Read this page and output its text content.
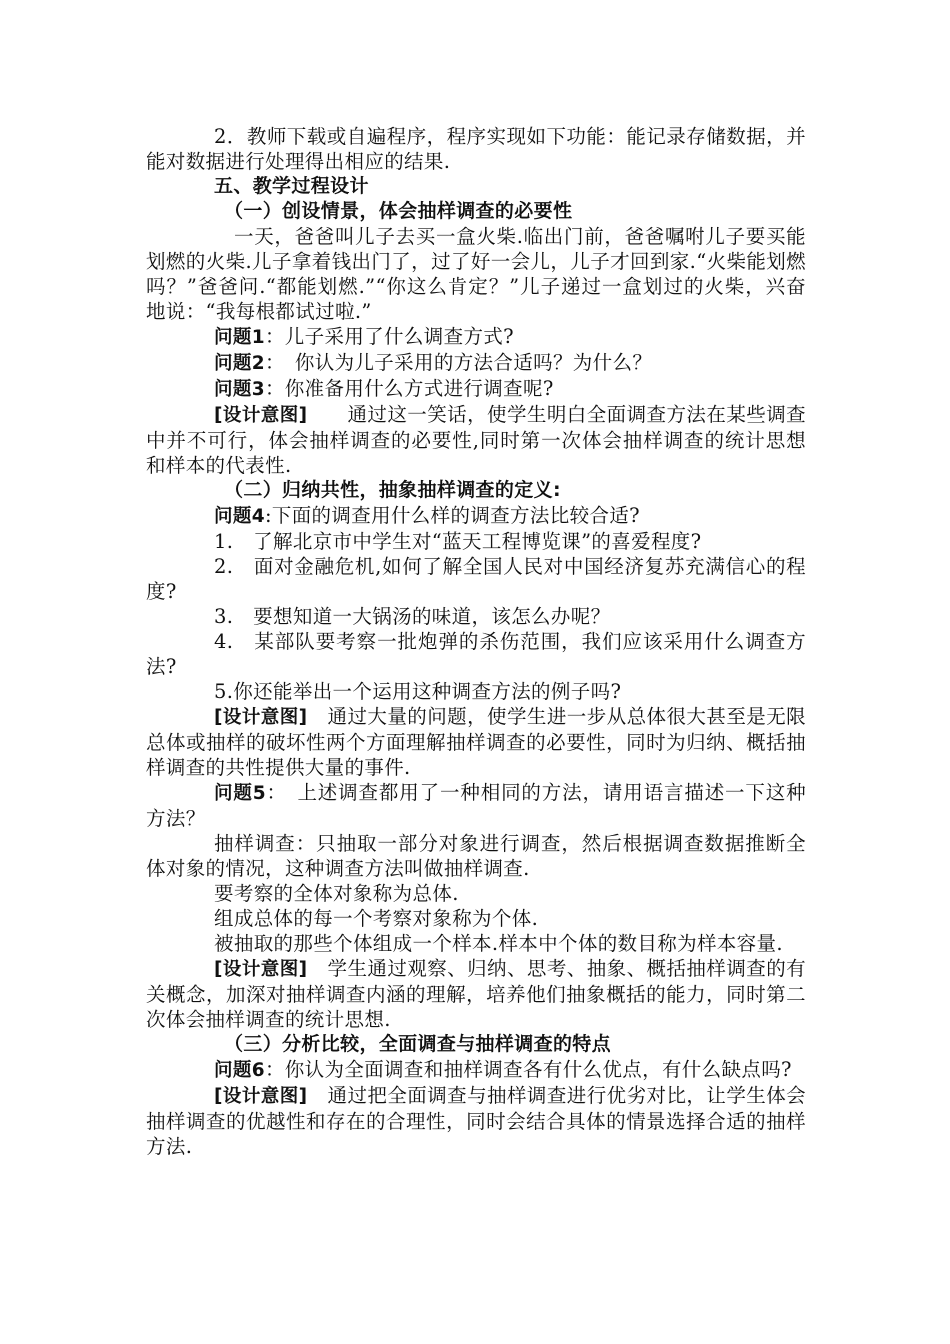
2．教师下载或自遍程序，程序实现如下功能：能记录存储数据，并能对数据进行处理得出相应的结果.

五、教学过程设计

（一）创设情景，体会抽样调查的必要性

一天，爸爸叫儿子去买一盒火柴.临出门前，爸爸嘱咐儿子要买能划燃的火柴.儿子拿着钱出门了，过了好一会儿，儿子才回到家.“火柴能划燃吗？”爸爸问.“都能划燃.”“你这么肯定？”儿子递过一盒划过的火柴，兴奋地说：“我每根都试过啦.”

问题1：儿子采用了什么调查方式?

问题2：　你认为儿子采用的方法合适吗？为什么？

问题3：你准备用什么方式进行调查呢?

[设计意图]　　通过这一笑话，使学生明白全面调查方法在某些调查中并不可行，体会抽样调查的必要性,同时第一次体会抽样调查的统计思想和样本的代表性.

（二）归纳共性，抽象抽样调查的定义:

问题4:下面的调查用什么样的调查方法比较合适?

1.　了解北京市中学生对“蓝天工程博览课”的喜爱程度?

2.　面对金融危机,如何了解全国人民对中国经济复苏充满信心的程度?

3.　要想知道一大锅汤的味道，该怎么办呢？

4.　某部队要考察一批炮弹的杀伤范围，我们应该采用什么调查方法?

5.你还能举出一个运用这种调查方法的例子吗?

[设计意图]　通过大量的问题，使学生进一步从总体很大甚至是无限总体或抽样的破坏性两个方面理解抽样调查的必要性，同时为归纳、概括抽样调查的共性提供大量的事件.

问题5：　上述调查都用了一种相同的方法，请用语言描述一下这种方法？

抽样调查：只抽取一部分对象进行调查，然后根据调查数据推断全体对象的情况，这种调查方法叫做抽样调查.

要考察的全体对象称为总体.

组成总体的每一个考察对象称为个体.

被抽取的那些个体组成一个样本.样本中个体的数目称为样本容量.

[设计意图]　学生通过观察、归纳、思考、抽象、概括抽样调查的有关概念，加深对抽样调查内涵的理解，培养他们抽象概括的能力，同时第二次体会抽样调查的统计思想.

（三）分析比较，全面调查与抽样调查的特点

问题6：你认为全面调查和抽样调查各有什么优点，有什么缺点吗?

[设计意图]　通过把全面调查与抽样调查进行优劣对比，让学生体会抽样调查的优越性和存在的合理性，同时会结合具体的情景选择合适的抽样方法.
